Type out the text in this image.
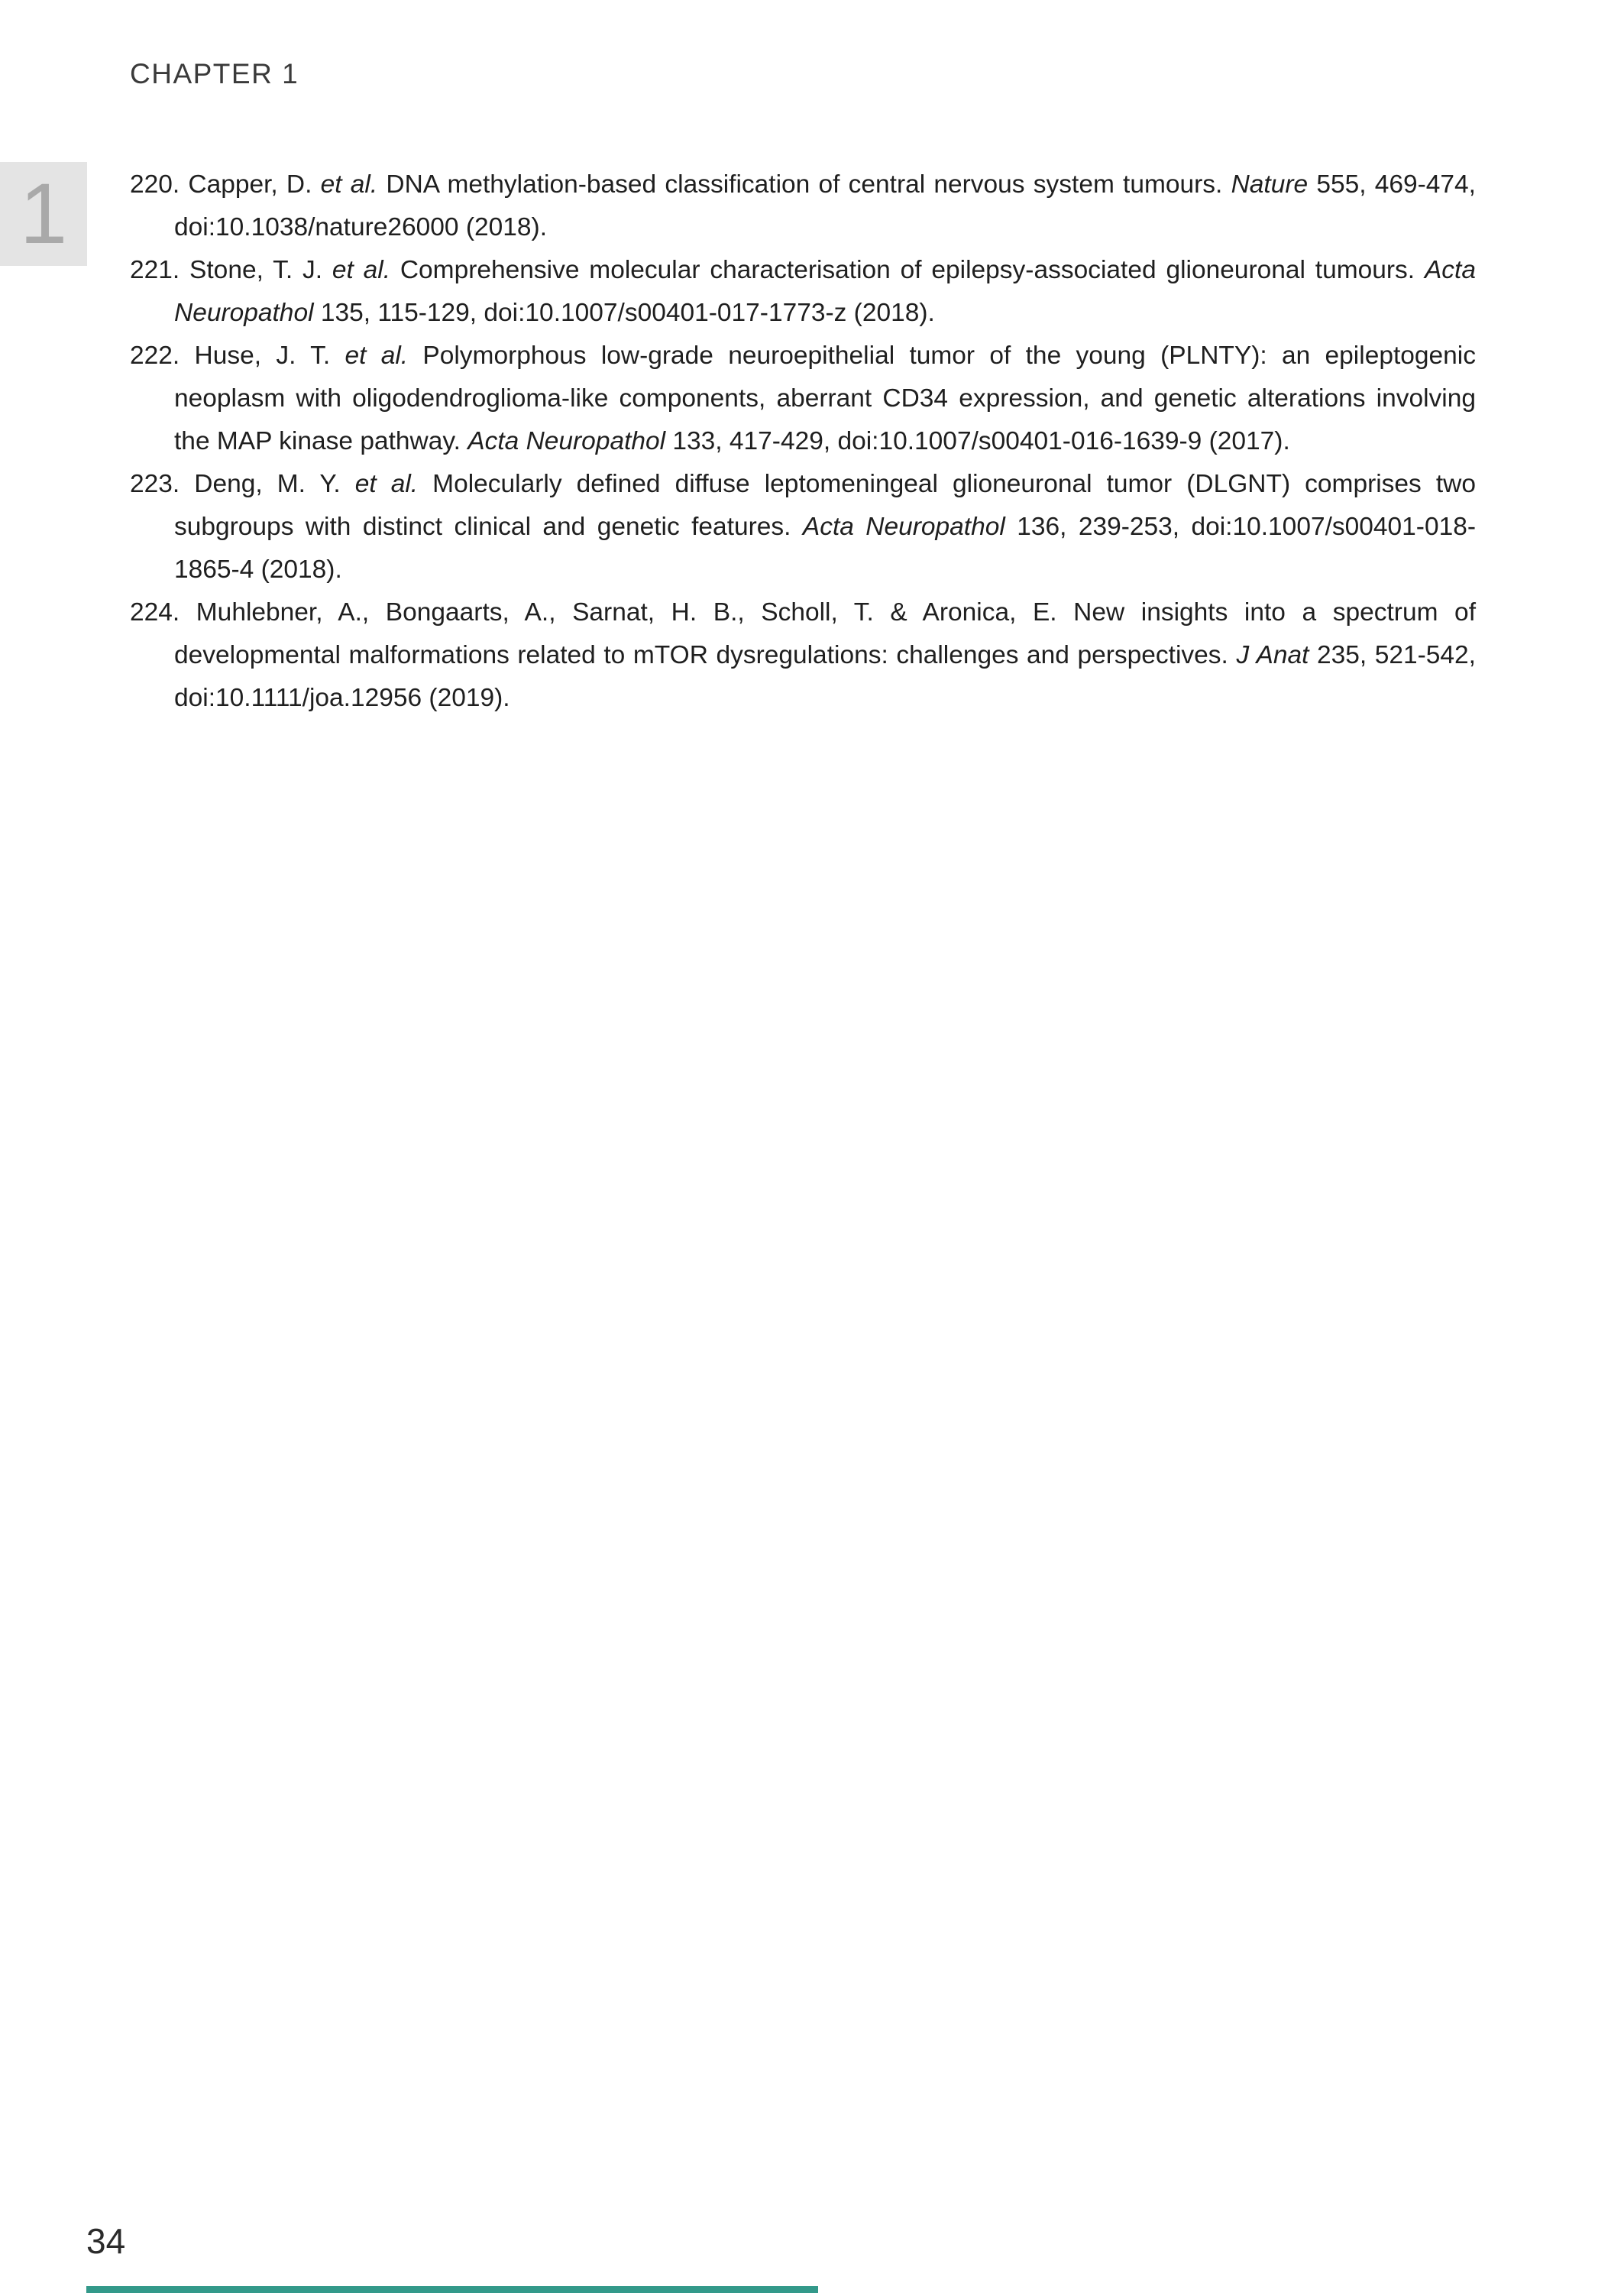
CHAPTER 1
1 220. Capper, D. et al. DNA methylation-based classification of central nervous system tumours. Nature 555, 469-474, doi:10.1038/nature26000 (2018).
221. Stone, T. J. et al. Comprehensive molecular characterisation of epilepsy-associated glioneuronal tumours. Acta Neuropathol 135, 115-129, doi:10.1007/s00401-017-1773-z (2018).
222. Huse, J. T. et al. Polymorphous low-grade neuroepithelial tumor of the young (PLNTY): an epileptogenic neoplasm with oligodendroglioma-like components, aberrant CD34 expression, and genetic alterations involving the MAP kinase pathway. Acta Neuropathol 133, 417-429, doi:10.1007/s00401-016-1639-9 (2017).
223. Deng, M. Y. et al. Molecularly defined diffuse leptomeningeal glioneuronal tumor (DLGNT) comprises two subgroups with distinct clinical and genetic features. Acta Neuropathol 136, 239-253, doi:10.1007/s00401-018-1865-4 (2018).
224. Muhlebner, A., Bongaarts, A., Sarnat, H. B., Scholl, T. & Aronica, E. New insights into a spectrum of developmental malformations related to mTOR dysregulations: challenges and perspectives. J Anat 235, 521-542, doi:10.1111/joa.12956 (2019).
34
